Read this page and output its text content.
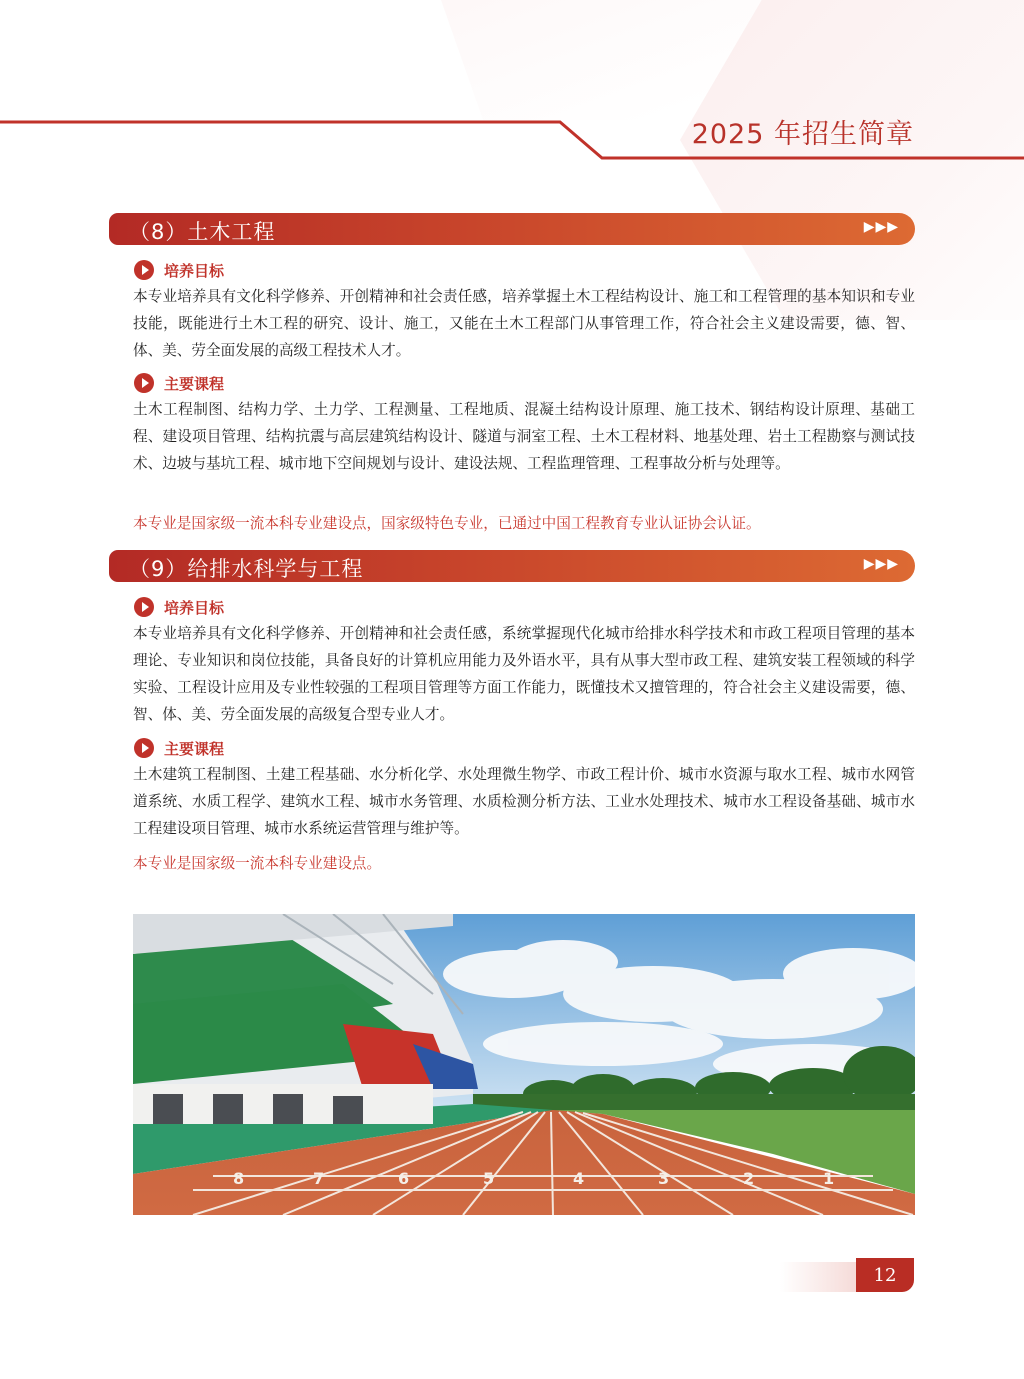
2025 年招生简章
（8）土木工程	▶▶▶
培养目标
本专业培养具有文化科学修养、开创精神和社会责任感，培养掌握土木工程结构设计、施工和工程管理的基本知识和专业技能，既能进行土木工程的研究、设计、施工，又能在土木工程部门从事管理工作，符合社会主义建设需要，德、智、体、美、劳全面发展的高级工程技术人才。
主要课程
土木工程制图、结构力学、土力学、工程测量、工程地质、混凝土结构设计原理、施工技术、钢结构设计原理、基础工程、建设项目管理、结构抗震与高层建筑结构设计、隧道与洞室工程、土木工程材料、地基处理、岩土工程勘察与测试技术、边坡与基坑工程、城市地下空间规划与设计、建设法规、工程监理管理、工程事故分析与处理等。
本专业是国家级一流本科专业建设点，国家级特色专业，已通过中国工程教育专业认证协会认证。
（9）给排水科学与工程	▶▶▶
培养目标
本专业培养具有文化科学修养、开创精神和社会责任感，系统掌握现代化城市给排水科学技术和市政工程项目管理的基本理论、专业知识和岗位技能，具备良好的计算机应用能力及外语水平，具有从事大型市政工程、建筑安装工程领域的科学实验、工程设计应用及专业性较强的工程项目管理等方面工作能力，既懂技术又擅管理的，符合社会主义建设需要，德、智、体、美、劳全面发展的高级复合型专业人才。
主要课程
土木建筑工程制图、土建工程基础、水分析化学、水处理微生物学、市政工程计价、城市水资源与取水工程、城市水网管道系统、水质工程学、建筑水工程、城市水务管理、水质检测分析方法、工业水处理技术、城市水工程设备基础、城市水工程建设项目管理、城市水系统运营管理与维护等。
本专业是国家级一流本科专业建设点。
8	7	6	5	4	3	2	1
12
